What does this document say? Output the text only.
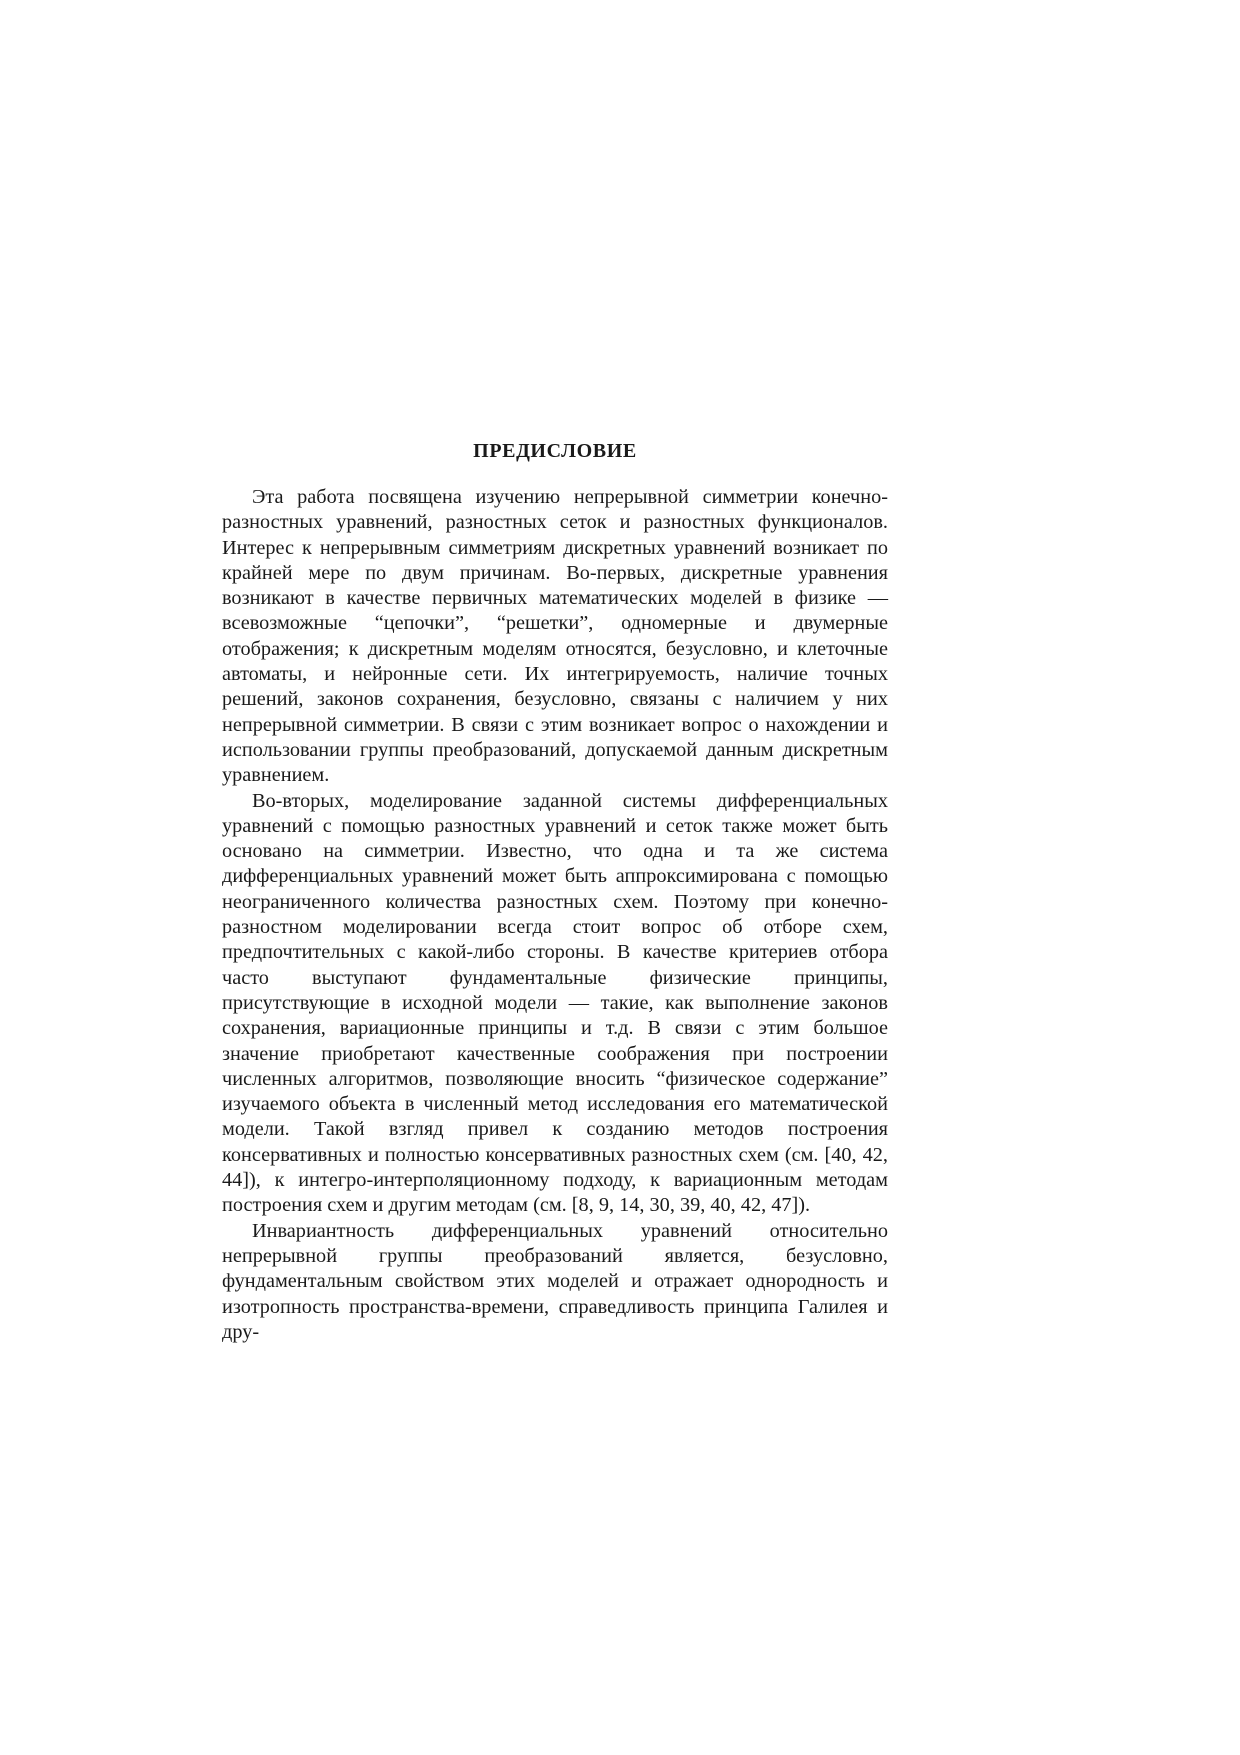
ПРЕДИСЛОВИЕ

Эта работа посвящена изучению непрерывной симметрии конечно-разностных уравнений, разностных сеток и разностных функционалов. Интерес к непрерывным симметриям дискретных уравнений возникает по крайней мере по двум причинам. Во-первых, дискретные уравнения возникают в качестве первичных математических моделей в физике — всевозможные “цепочки”, “решетки”, одномерные и двумерные отображения; к дискретным моделям относятся, безусловно, и клеточные автоматы, и нейронные сети. Их интегрируемость, наличие точных решений, законов сохранения, безусловно, связаны с наличием у них непрерывной симметрии. В связи с этим возникает вопрос о нахождении и использовании группы преобразований, допускаемой данным дискретным уравнением.

Во-вторых, моделирование заданной системы дифференциальных уравнений с помощью разностных уравнений и сеток также может быть основано на симметрии. Известно, что одна и та же система дифференциальных уравнений может быть аппроксимирована с помощью неограниченного количества разностных схем. Поэтому при конечно-разностном моделировании всегда стоит вопрос об отборе схем, предпочтительных с какой-либо стороны. В качестве критериев отбора часто выступают фундаментальные физические принципы, присутствующие в исходной модели — такие, как выполнение законов сохранения, вариационные принципы и т.д. В связи с этим большое значение приобретают качественные соображения при построении численных алгоритмов, позволяющие вносить “физическое содержание” изучаемого объекта в численный метод исследования его математической модели. Такой взгляд привел к созданию методов построения консервативных и полностью консервативных разностных схем (см. [40, 42, 44]), к интегро-интерполяционному подходу, к вариационным методам построения схем и другим методам (см. [8, 9, 14, 30, 39, 40, 42, 47]).

Инвариантность дифференциальных уравнений относительно непрерывной группы преобразований является, безусловно, фундаментальным свойством этих моделей и отражает однородность и изотропность пространства-времени, справедливость принципа Галилея и дру-
